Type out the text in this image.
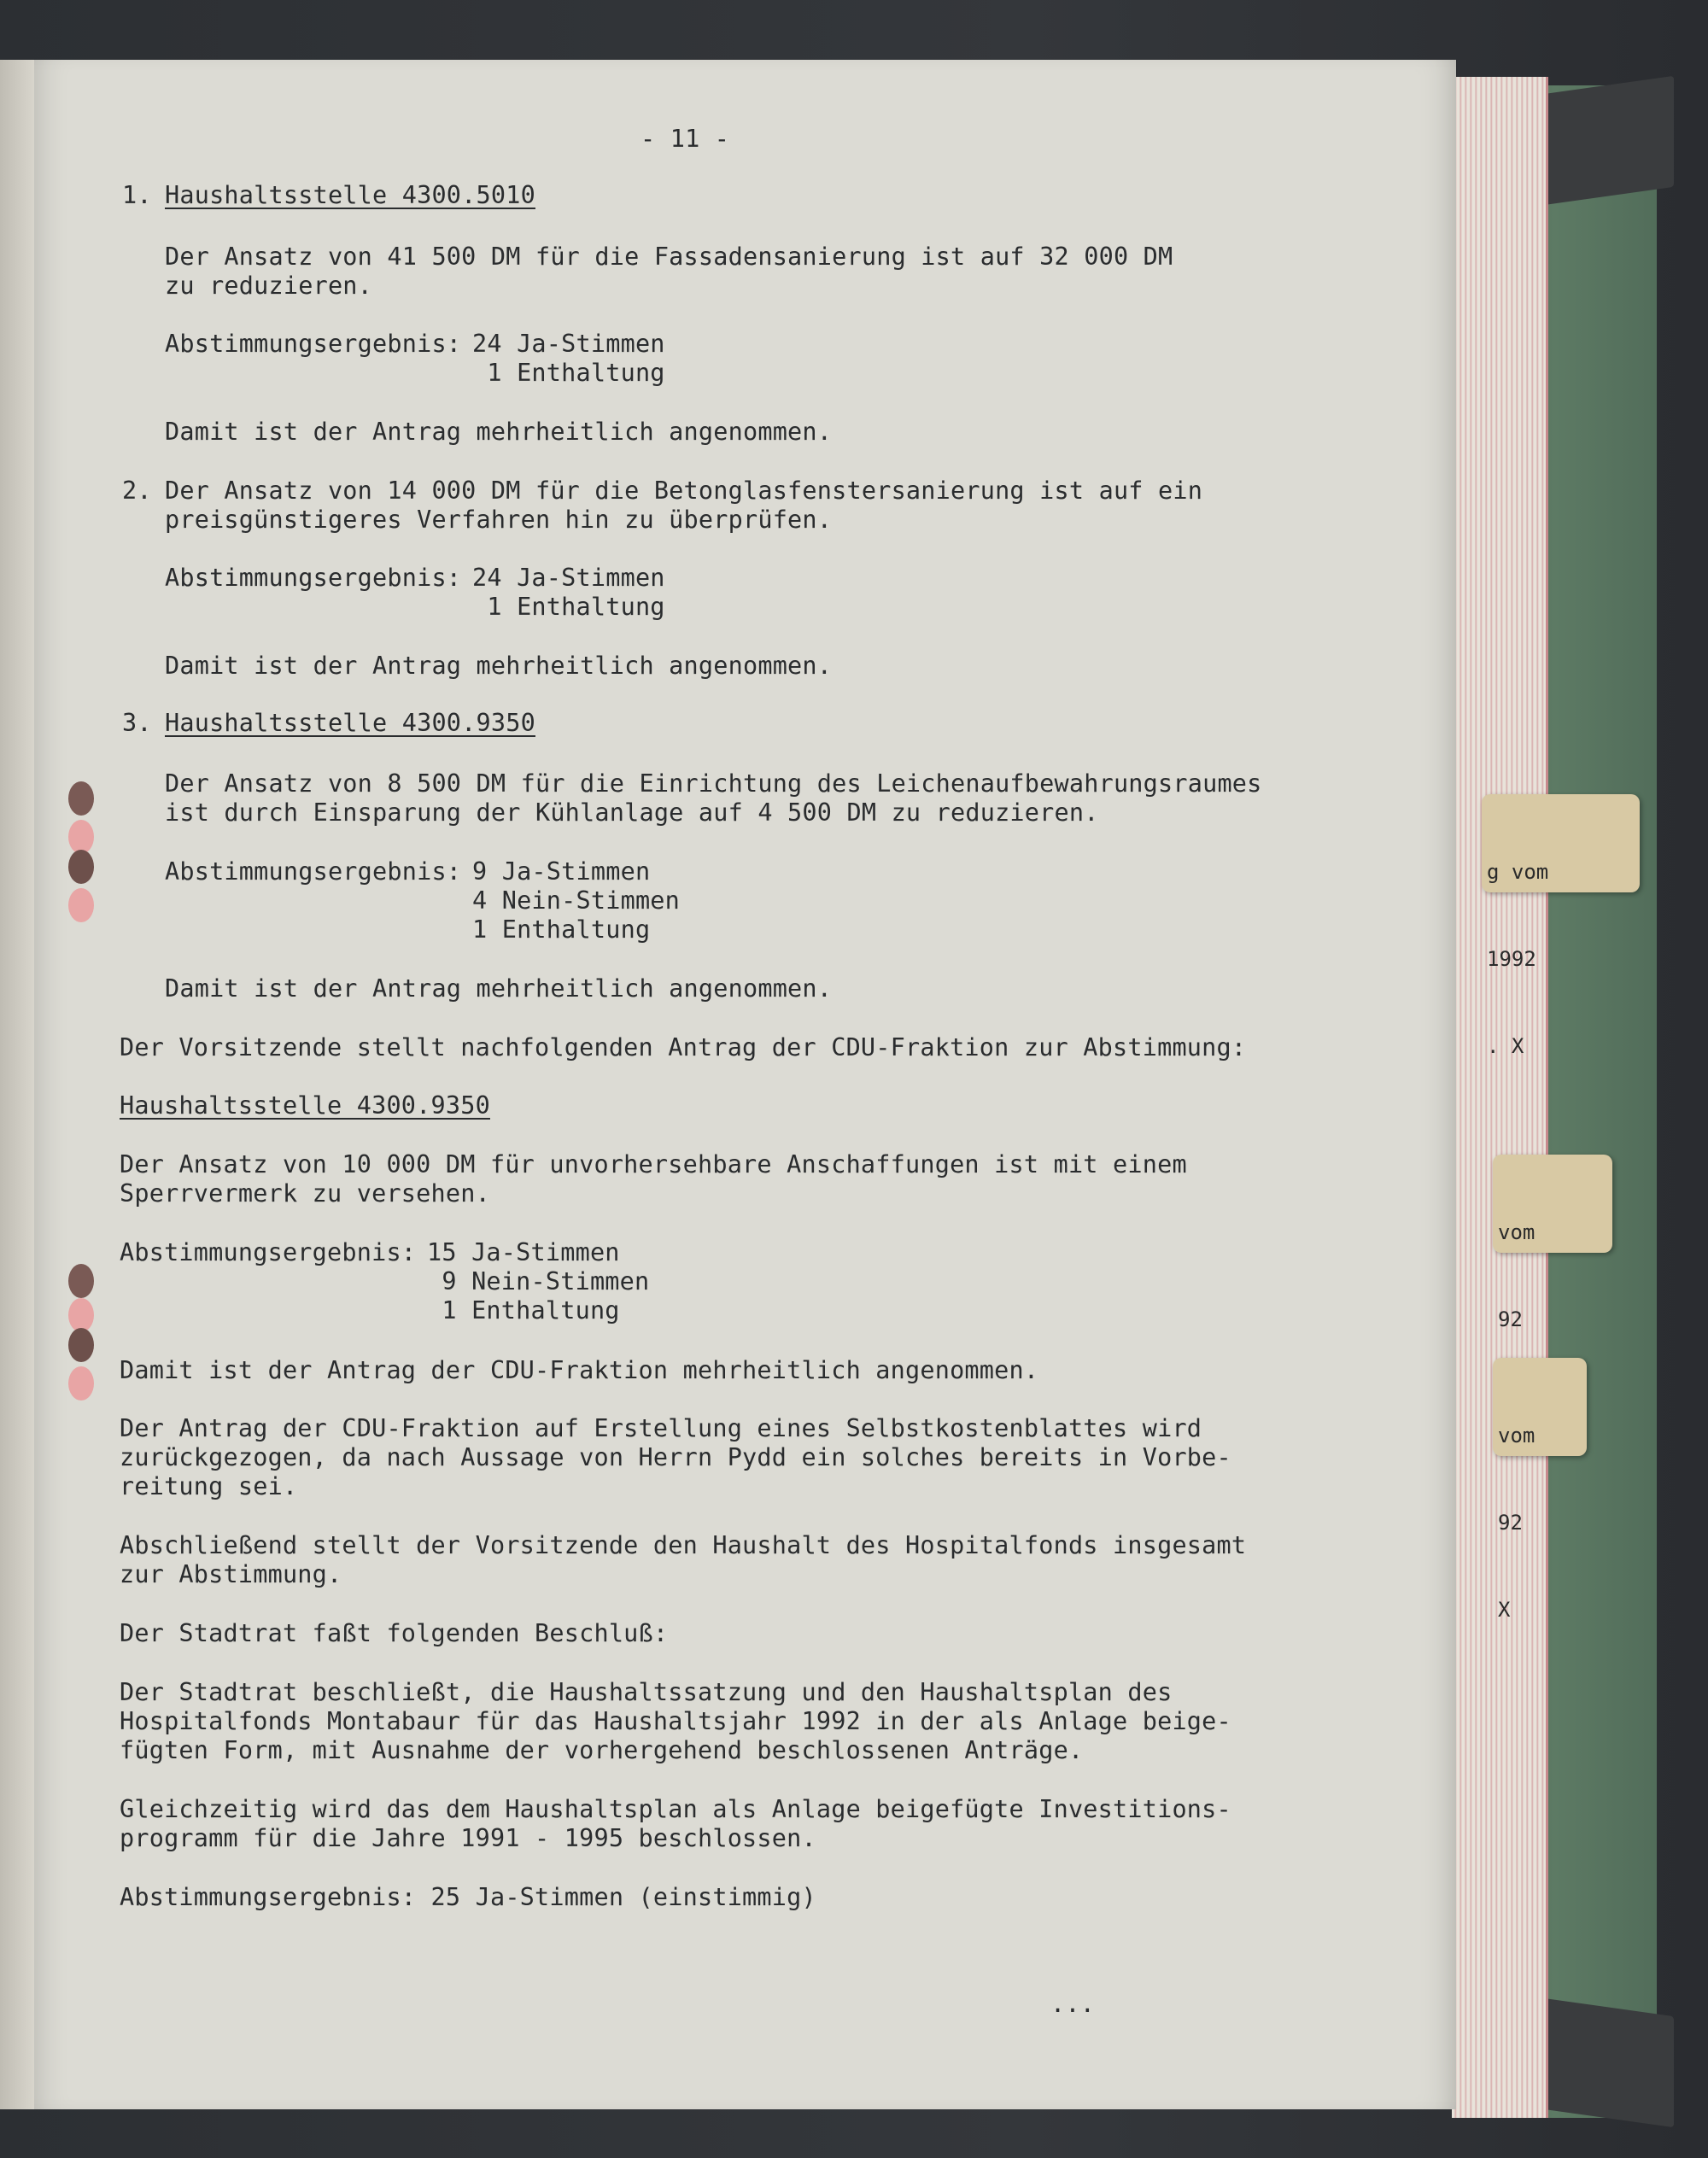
g vom

1992

. X

vom

92

vom

92

X

- 11 -

1. Haushaltsstelle 4300.5010

Der Ansatz von 41 500 DM für die Fassadensanierung ist auf 32 000 DM

zu reduzieren.

Abstimmungsergebnis: 24 Ja-Stimmen

1 Enthaltung

Damit ist der Antrag mehrheitlich angenommen.

2. Der Ansatz von 14 000 DM für die Betonglasfenstersanierung ist auf ein

preisgünstigeres Verfahren hin zu überprüfen.

Abstimmungsergebnis: 24 Ja-Stimmen

1 Enthaltung

Damit ist der Antrag mehrheitlich angenommen.

3. Haushaltsstelle 4300.9350

Der Ansatz von 8 500 DM für die Einrichtung des Leichenaufbewahrungsraumes

ist durch Einsparung der Kühlanlage auf 4 500 DM zu reduzieren.

Abstimmungsergebnis: 9 Ja-Stimmen

4 Nein-Stimmen

1 Enthaltung

Damit ist der Antrag mehrheitlich angenommen.

Der Vorsitzende stellt nachfolgenden Antrag der CDU-Fraktion zur Abstimmung:

Haushaltsstelle 4300.9350

Der Ansatz von 10 000 DM für unvorhersehbare Anschaffungen ist mit einem

Sperrvermerk zu versehen.

Abstimmungsergebnis: 15 Ja-Stimmen

9 Nein-Stimmen

1 Enthaltung

Damit ist der Antrag der CDU-Fraktion mehrheitlich angenommen.

Der Antrag der CDU-Fraktion auf Erstellung eines Selbstkostenblattes wird

zurückgezogen, da nach Aussage von Herrn Pydd ein solches bereits in Vorbe-

reitung sei.

Abschließend stellt der Vorsitzende den Haushalt des Hospitalfonds insgesamt

zur Abstimmung.

Der Stadtrat faßt folgenden Beschluß:

Der Stadtrat beschließt, die Haushaltssatzung und den Haushaltsplan des

Hospitalfonds Montabaur für das Haushaltsjahr 1992 in der als Anlage beige-

fügten Form, mit Ausnahme der vorhergehend beschlossenen Anträge.

Gleichzeitig wird das dem Haushaltsplan als Anlage beigefügte Investitions-

programm für die Jahre 1991 - 1995 beschlossen.

Abstimmungsergebnis: 25 Ja-Stimmen (einstimmig)

...
